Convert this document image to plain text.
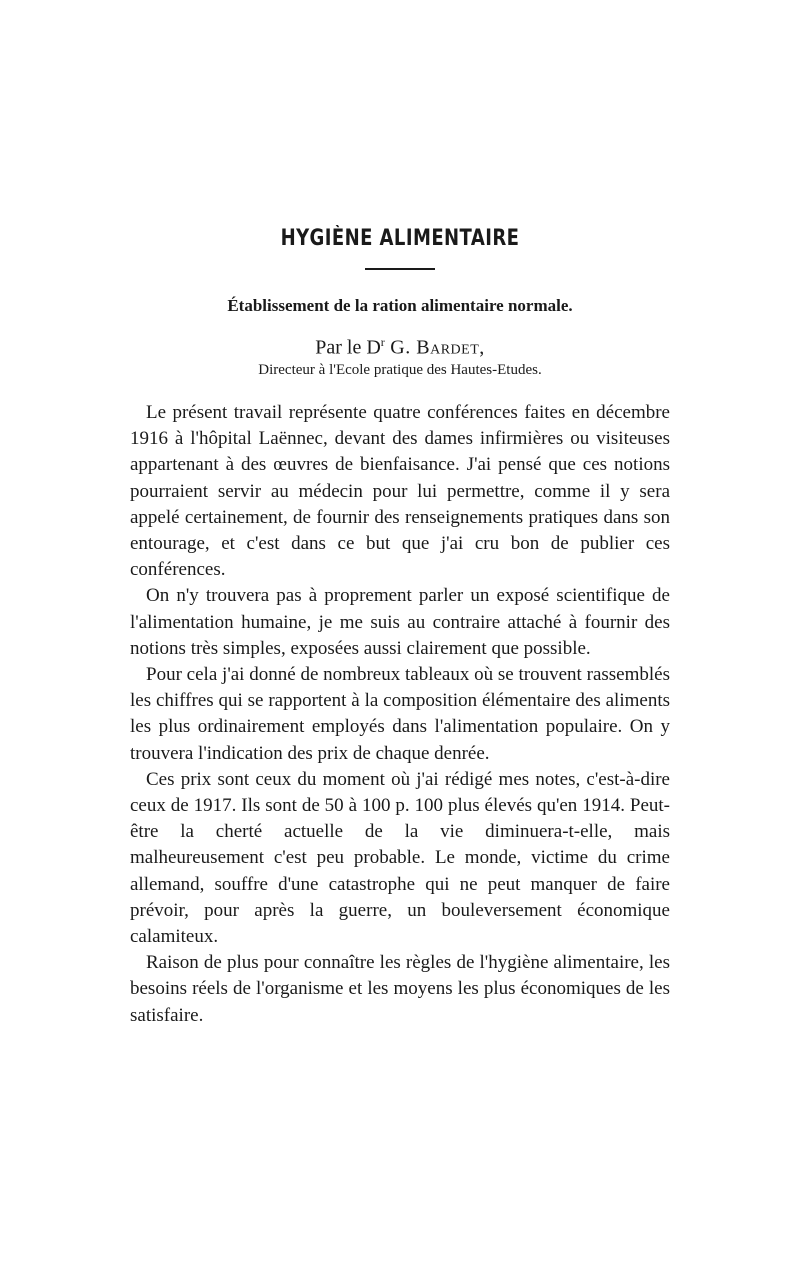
HYGIÈNE ALIMENTAIRE
Établissement de la ration alimentaire normale.
Par le $D^r$ G. Bardet,
Directeur à l'Ecole pratique des Hautes-Etudes.

Le présent travail représente quatre conférences faites en décembre 1916 à l'hôpital Laënnec, devant des dames infirmières ou visiteuses appartenant à des œuvres de bienfaisance. J'ai pensé que ces notions pourraient servir au médecin pour lui permettre, comme il y sera appelé certainement, de fournir des renseignements pratiques dans son entourage, et c'est dans ce but que j'ai cru bon de publier ces conférences.

On n'y trouvera pas à proprement parler un exposé scientifique de l'alimentation humaine, je me suis au contraire attaché à fournir des notions très simples, exposées aussi clairement que possible.

Pour cela j'ai donné de nombreux tableaux où se trouvent rassemblés les chiffres qui se rapportent à la composition élémentaire des aliments les plus ordinairement employés dans l'alimentation populaire. On y trouvera l'indication des prix de chaque denrée.

Ces prix sont ceux du moment où j'ai rédigé mes notes, c'est-à-dire ceux de 1917. Ils sont de 50 à 100 p. 100 plus élevés qu'en 1914. Peut-être la cherté actuelle de la vie diminuera-t-elle, mais malheureusement c'est peu probable. Le monde, victime du crime allemand, souffre d'une catastrophe qui ne peut manquer de faire prévoir, pour après la guerre, un bouleversement économique calamiteux.

Raison de plus pour connaître les règles de l'hygiène alimentaire, les besoins réels de l'organisme et les moyens les plus économiques de les satisfaire.
